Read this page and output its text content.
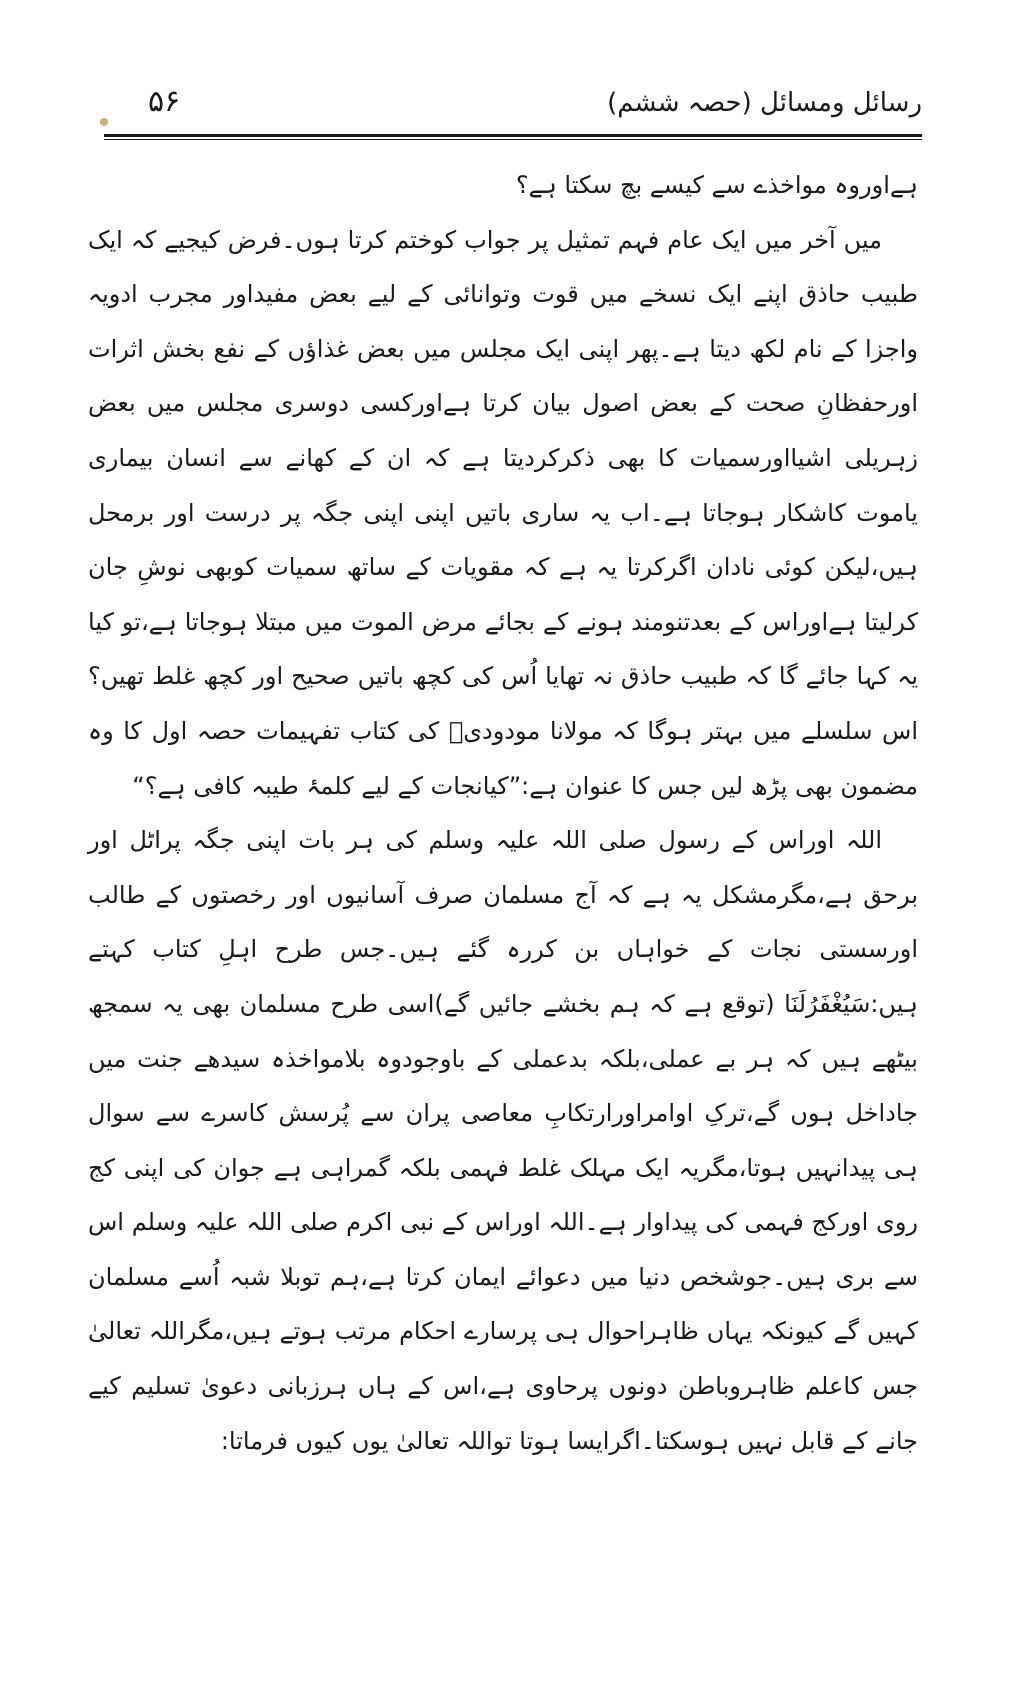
رسائل ومسائل (حصہ ششم)
۵۶

ہےاوروہ مواخذے سے کیسے بچ سکتا ہے؟

میں آخر میں ایک عام فہم تمثیل پر جواب کوختم کرتا ہوں۔فرض کیجیے کہ ایک طبیب حاذق اپنے ایک نسخے میں قوت وتوانائی کے لیے بعض مفیداور مجرب ادویہ واجزا کے نام لکھ دیتا ہے۔پھر اپنی ایک مجلس میں بعض غذاؤں کے نفع بخش اثرات اورحفظانِ صحت کے بعض اصول بیان کرتا ہےاورکسی دوسری مجلس میں بعض زہریلی اشیااورسمیات کا بھی ذکرکردیتا ہے کہ ان کے کھانے سے انسان بیماری یاموت کاشکار ہوجاتا ہے۔اب یہ ساری باتیں اپنی اپنی جگہ پر درست اور برمحل ہیں،لیکن کوئی نادان اگرکرتا یہ ہے کہ مقویات کے ساتھ سمیات کوبھی نوشِ جان کرلیتا ہےاوراس کے بعدتنومند ہونے کے بجائے مرض الموت میں مبتلا ہوجاتا ہے،تو کیا یہ کہا جائے گا کہ طبیب حاذق نہ تھایا اُس کی کچھ باتیں صحیح اور کچھ غلط تھیں؟اس سلسلے میں بہتر ہوگا کہ مولانا مودودیؒ کی کتاب تفہیمات حصہ اول کا وہ مضمون بھی پڑھ لیں جس کا عنوان ہے:”کیانجات کے لیے کلمۂ طیبہ کافی ہے؟“

اللہ اوراس کے رسول صلی اللہ علیہ وسلم کی ہر بات اپنی جگہ پراٹل اور برحق ہے،مگرمشکل یہ ہے کہ آج مسلمان صرف آسانیوں اور رخصتوں کے طالب اورسستی نجات کے خواہاں بن کررہ گئے ہیں۔جس طرح اہلِ کتاب کہتے ہیں:سَيُغْفَرُلَنَا (توقع ہے کہ ہم بخشے جائیں گے)اسی طرح مسلمان بھی یہ سمجھ بیٹھے ہیں کہ ہر بے عملی،بلکہ بدعملی کے باوجودوہ بلامواخذہ سیدھے جنت میں جاداخل ہوں گے،ترکِ اوامراورارتکابِ معاصی پران سے پُرسش کاسرے سے سوال ہی پیدانہیں ہوتا،مگریہ ایک مہلک غلط فہمی بلکہ گمراہی ہے جوان کی اپنی کج روی اورکج فہمی کی پیداوار ہے۔اللہ اوراس کے نبی اکرم صلی اللہ علیہ وسلم اس سے بری ہیں۔جوشخص دنیا میں دعوائے ایمان کرتا ہے،ہم توبلا شبہ اُسے مسلمان کہیں گے کیونکہ یہاں ظاہراحوال ہی پرسارے احکام مرتب ہوتے ہیں،مگراللہ تعالیٰ جس کاعلم ظاہروباطن دونوں پرحاوی ہے،اس کے ہاں ہرزبانی دعویٰ تسلیم کیے جانے کے قابل نہیں ہوسکتا۔اگرایسا ہوتا تواللہ تعالیٰ یوں کیوں فرماتا:
